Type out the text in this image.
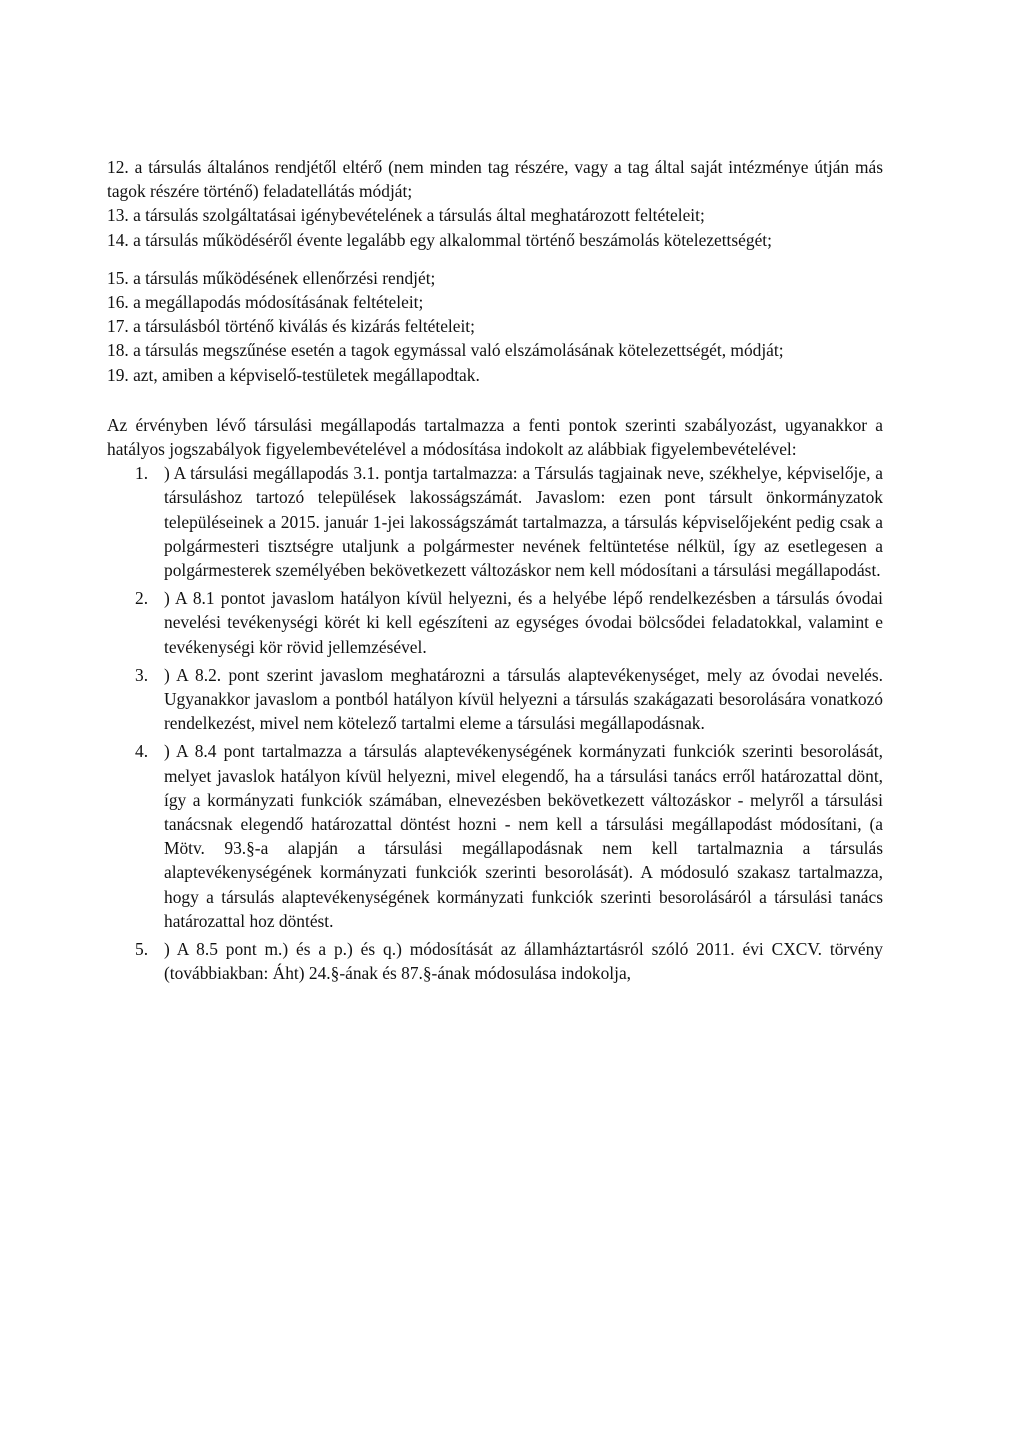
12. a társulás általános rendjétől eltérő (nem minden tag részére, vagy a tag által saját intézménye útján más tagok részére történő) feladatellátás módját;
13. a társulás szolgáltatásai igénybevételének a társulás által meghatározott feltételeit;
14. a társulás működéséről évente legalább egy alkalommal történő beszámolás kötelezettségét;
15. a társulás működésének ellenőrzési rendjét;
16. a megállapodás módosításának feltételeit;
17. a társulásból történő kiválás és kizárás feltételeit;
18. a társulás megszűnése esetén a tagok egymással való elszámolásának kötelezettségét, módját;
19. azt, amiben a képviselő-testületek megállapodtak.
Az érvényben lévő társulási megállapodás tartalmazza a fenti pontok szerinti szabályozást, ugyanakkor a hatályos jogszabályok figyelembevételével a módosítása indokolt az alábbiak figyelembevételével:
1. ) A társulási megállapodás 3.1. pontja tartalmazza: a Társulás tagjainak neve, székhelye, képviselője, a társuláshoz tartozó települések lakosságszámát. Javaslom: ezen pont társult önkormányzatok településeinek a 2015. január 1-jei lakosságszámát tartalmazza, a társulás képviselőjeként pedig csak a polgármesteri tisztségre utaljunk a polgármester nevének feltüntetése nélkül, így az esetlegesen a polgármesterek személyében bekövetkezett változáskor nem kell módosítani a társulási megállapodást.
2. ) A 8.1 pontot javaslom hatályon kívül helyezni, és a helyébe lépő rendelkezésben a társulás óvodai nevelési tevékenységi körét ki kell egészíteni az egységes óvodai bölcsődei feladatokkal, valamint e tevékenységi kör rövid jellemzésével.
3. ) A 8.2. pont szerint javaslom meghatározni a társulás alaptevékenységet, mely az óvodai nevelés. Ugyanakkor javaslom a pontból hatályon kívül helyezni a társulás szakágazati besorolására vonatkozó rendelkezést, mivel nem kötelező tartalmi eleme a társulási megállapodásnak.
4. ) A 8.4 pont tartalmazza a társulás alaptevékenységének kormányzati funkciók szerinti besorolását, melyet javaslok hatályon kívül helyezni, mivel elegendő, ha a társulási tanács erről határozattal dönt, így a kormányzati funkciók számában, elnevezésben bekövetkezett változáskor - melyről a társulási tanácsnak elegendő határozattal döntést hozni - nem kell a társulási megállapodást módosítani, (a Mötv. 93.§-a alapján a társulási megállapodásnak nem kell tartalmaznia a társulás alaptevékenységének kormányzati funkciók szerinti besorolását). A módosuló szakasz tartalmazza, hogy a társulás alaptevékenységének kormányzati funkciók szerinti besorolásáról a társulási tanács határozattal hoz döntést.
5. ) A 8.5 pont m.) és a p.) és q.) módosítását az államháztartásról szóló 2011. évi CXCV. törvény (továbbiakban: Áht) 24.§-ának és 87.§-ának módosulása indokolja,
